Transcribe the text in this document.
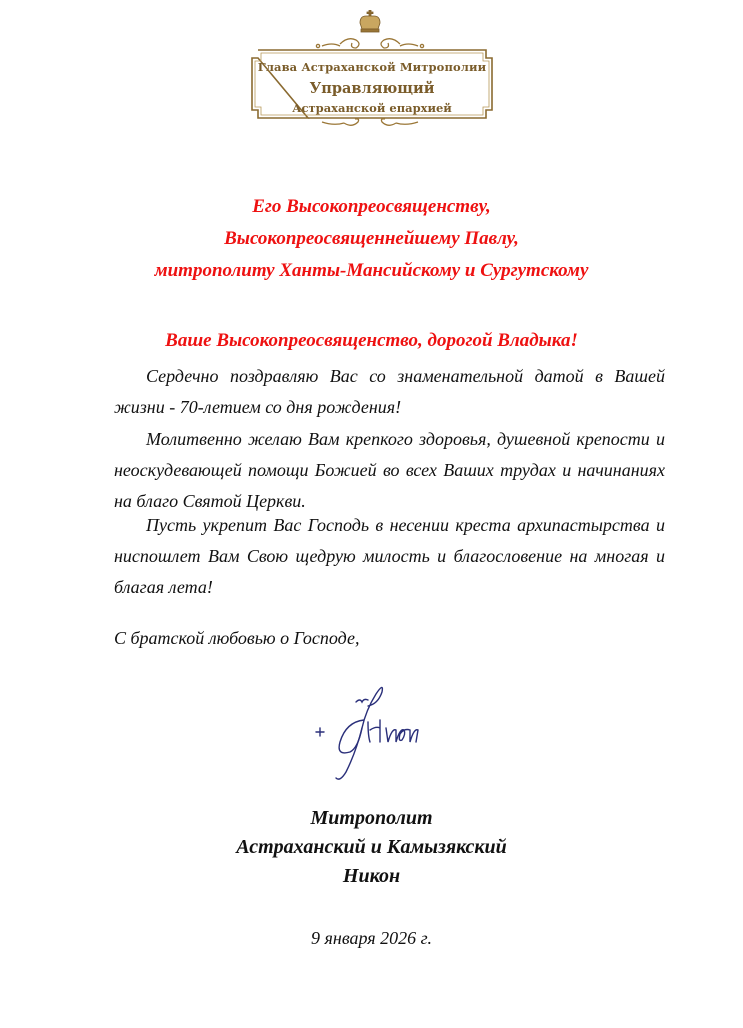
Глава Астраханской Митрополии
Управляющий
Астраханской епархией
Его Высокопреосвященству,
Высокопреосвященнейшему Павлу,
митрополиту Ханты-Мансийскому и Сургутскому
Ваше Высокопреосвященство, дорогой Владыка!

Сердечно поздравляю Вас со знаменательной датой в Вашей жизни - 70-летием со дня рождения!

Молитвенно желаю Вам крепкого здоровья, душевной крепости и неоскудевающей помощи Божией во всех Ваших трудах и начинаниях на благо Святой Церкви.

Пусть укрепит Вас Господь в несении креста архипастырства и ниспошлет Вам Свою щедрую милость и благословение на многая и благая лета!

С братской любовью о Господе,
Митрополит
Астраханский и Камызякский
Никон
9 января 2026 г.
